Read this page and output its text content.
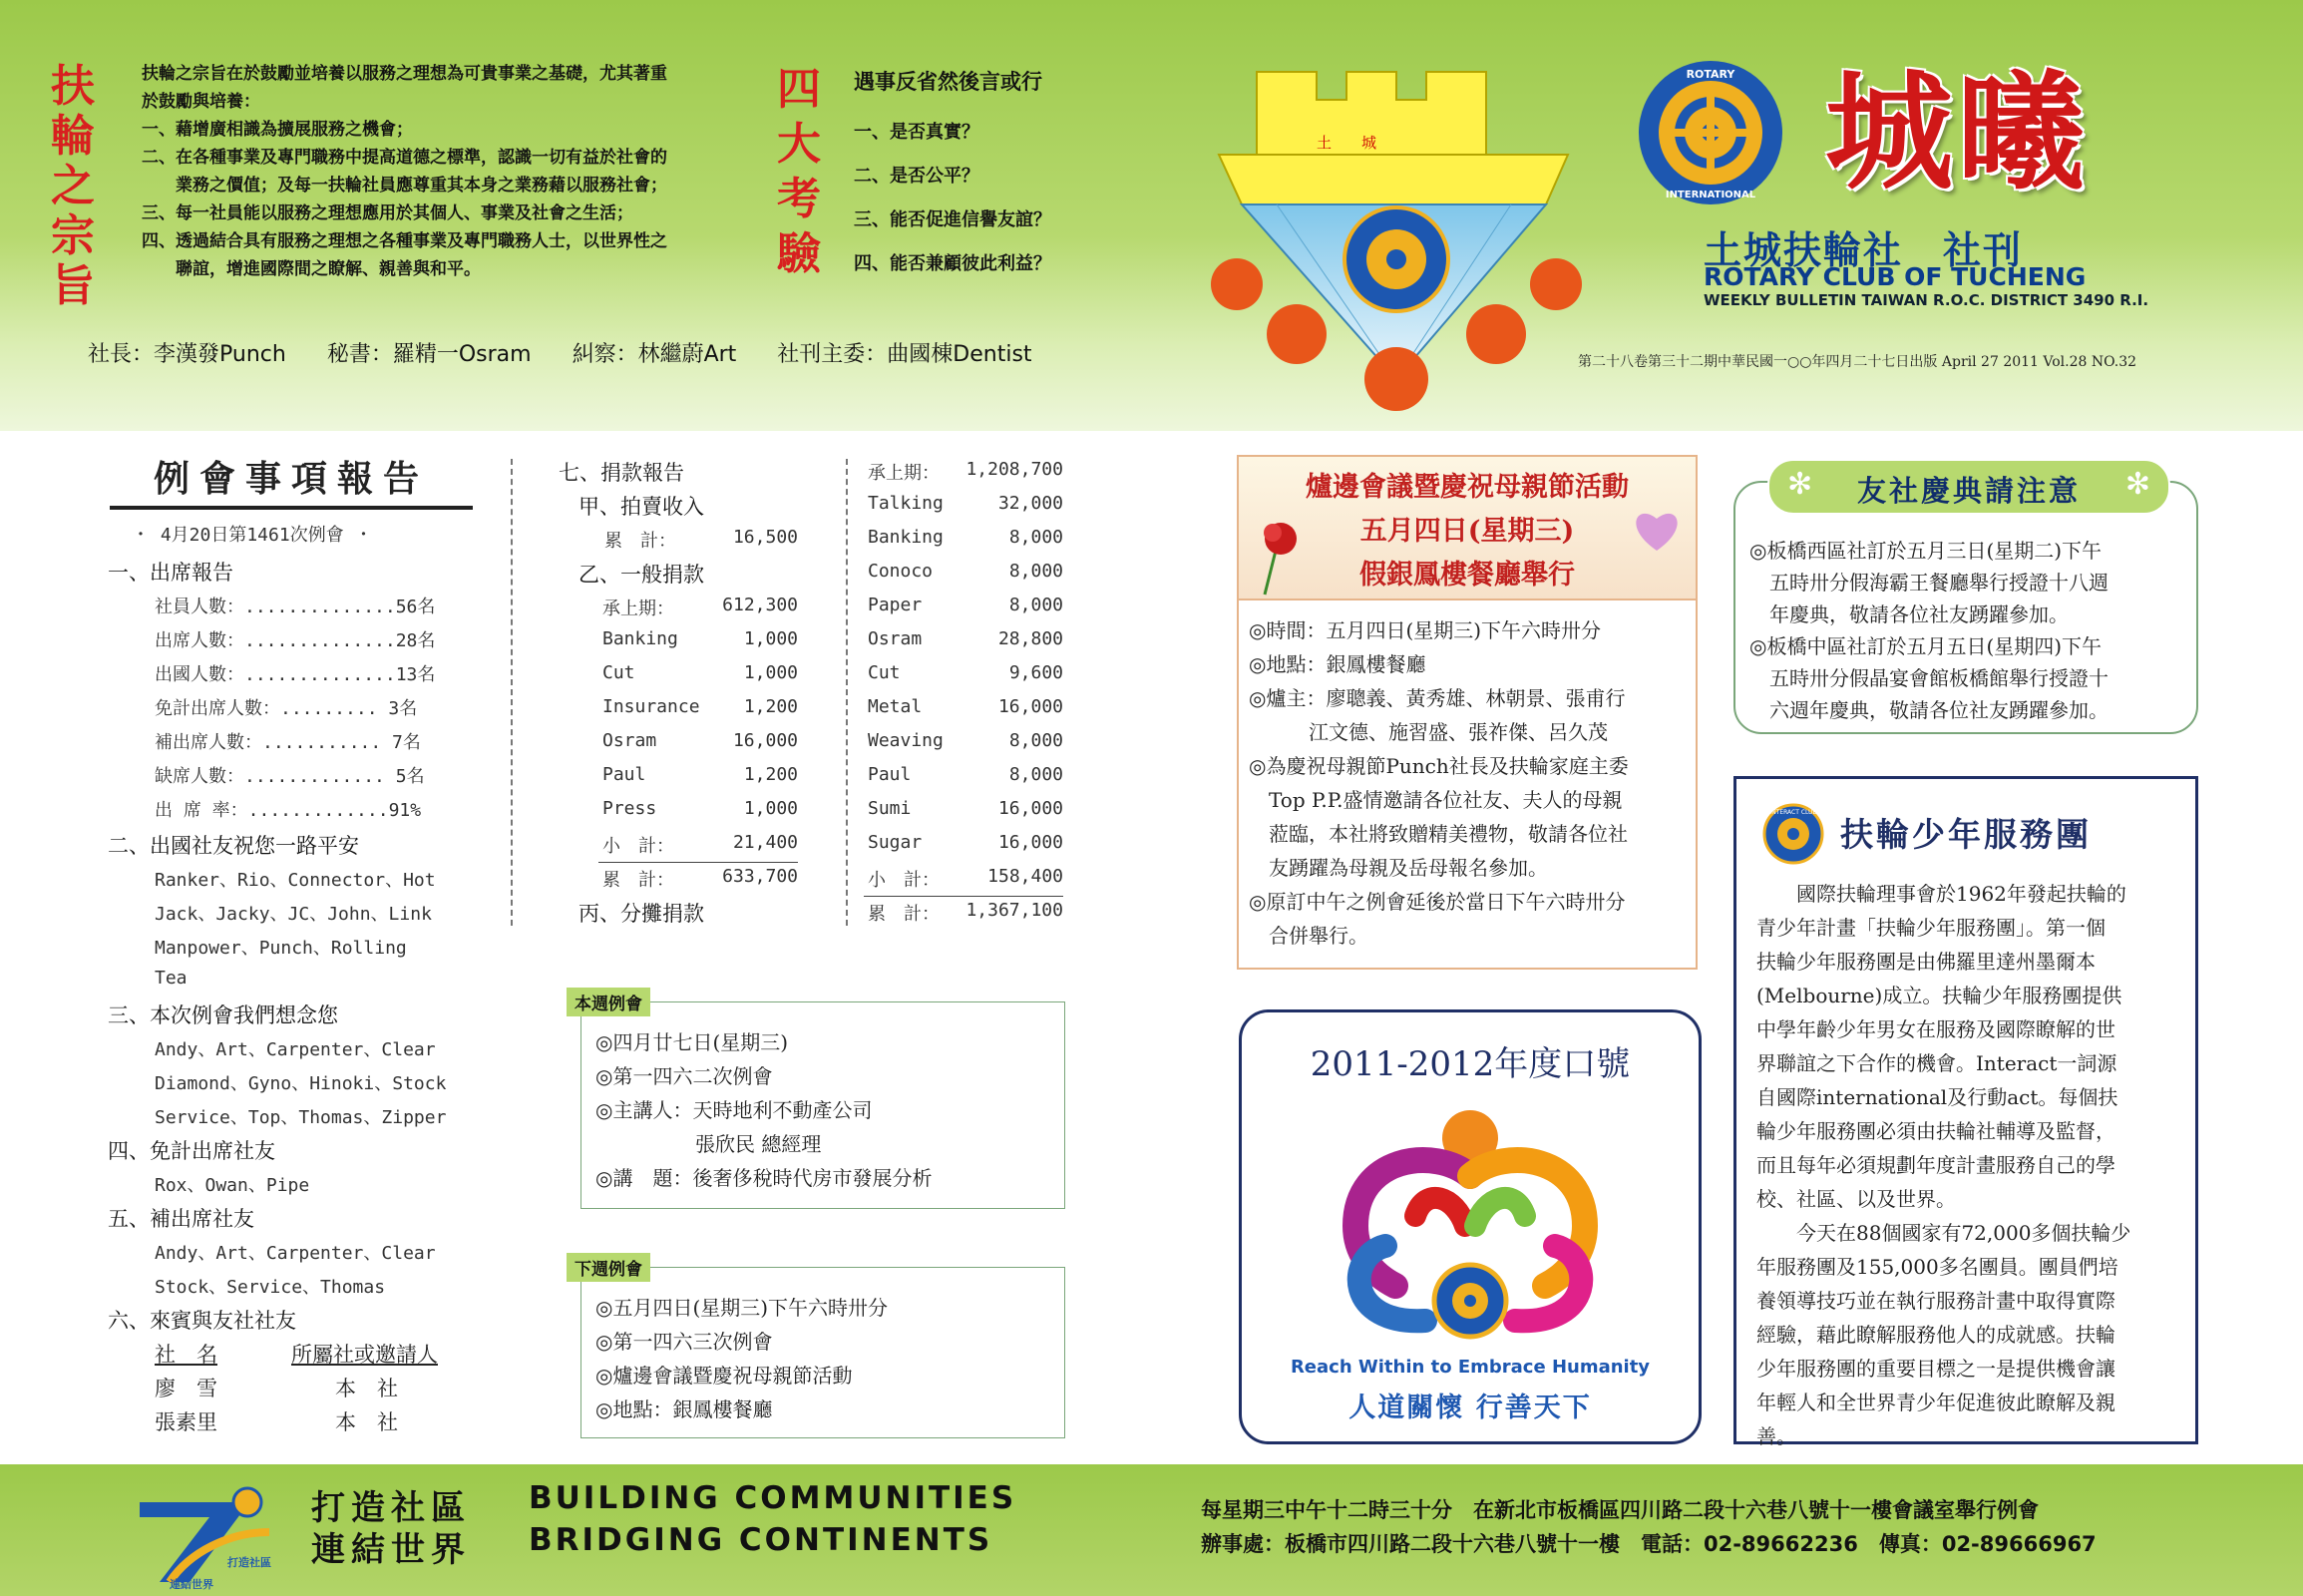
扶輪之宗旨
扶輪之宗旨在於鼓勵並培養以服務之理想為可貴事業之基礎，尤其著重
於鼓勵與培養：
一、藉增廣相識為擴展服務之機會；
二、在各種事業及專門職務中提高道德之標準，認識一切有益於社會的
　　業務之價值；及每一扶輪社員應尊重其本身之業務藉以服務社會；
三、每一社員能以服務之理想應用於其個人、事業及社會之生活；
四、透過結合具有服務之理想之各種事業及專門職務人士，以世界性之
　　聯誼，增進國際間之瞭解、親善與和平。
四大考驗
遇事反省然後言或行
一、是否真實？
二、是否公平？
三、能否促進信譽友誼？
四、能否兼顧彼此利益？
社長：李漢發Punch 秘書：羅精一Osram 糾察：林繼蔚Art 社刊主委：曲國棟Dentist
土　　城
ROTARY
INTERNATIONAL 城曦
土城扶輪社　社刊
ROTARY CLUB OF TUCHENG
WEEKLY BULLETIN TAIWAN R.O.C. DISTRICT 3490 R.I.
第二十八卷第三十二期中華民國一○○年四月二十七日出版 April 27 2011 Vol.28 NO.32
例會事項報告
・ 4月20日第1461次例會 ・
一、出席報告
社員人數：..............56名
出席人數：..............28名
出國人數：..............13名
免計出席人數：......... 3名
補出席人數：........... 7名
缺席人數：............. 5名
出 席 率：.............91%
二、出國社友祝您一路平安
Ranker、Rio、Connector、Hot
Jack、Jacky、JC、John、Link
Manpower、Punch、Rolling
Tea
三、本次例會我們想念您
Andy、Art、Carpenter、Clear
Diamond、Gyno、Hinoki、Stock
Service、Top、Thomas、Zipper
四、免計出席社友
Rox、Owan、Pipe
五、補出席社友
Andy、Art、Carpenter、Clear
Stock、Service、Thomas
六、來賓與友社社友
社　名	所屬社或邀請人
廖　雪	本　社
張素里	本　社
七、捐款報告
甲、拍賣收入
累　計：	16,500
乙、一般捐款
承上期：	612,300
Banking	1,000
Cut	1,000
Insurance	1,200
Osram	16,000
Paul	1,200
Press	1,000
小　計：	21,400
累　計：	633,700
丙、分攤捐款
承上期：	1,208,700
Talking	32,000
Banking	8,000
Conoco	8,000
Paper	8,000
Osram	28,800
Cut	9,600
Metal	16,000
Weaving	8,000
Paul	8,000
Sumi	16,000
Sugar	16,000
小　計：	158,400
累　計：	1,367,100
◎四月廿七日(星期三)
◎第一四六二次例會
◎主講人：天時地利不動產公司
　　　　　張欣民 總經理
◎講　題：後奢侈稅時代房市發展分析
本週例會
◎五月四日(星期三)下午六時卅分
◎第一四六三次例會
◎爐邊會議暨慶祝母親節活動
◎地點：銀鳳樓餐廳
下週例會
爐邊會議暨慶祝母親節活動
五月四日(星期三)
假銀鳳樓餐廳舉行
◎時間：五月四日(星期三)下午六時卅分
◎地點：銀鳳樓餐廳
◎爐主：廖聰義、黃秀雄、林朝景、張甫行
　　　江文德、施習盛、張祚傑、呂久茂
◎為慶祝母親節Punch社長及扶輪家庭主委
　Top P.P.盛情邀請各位社友、夫人的母親
　蒞臨，本社將致贈精美禮物，敬請各位社
　友踴躍為母親及岳母報名參加。
◎原訂中午之例會延後於當日下午六時卅分
　合併舉行。
2011-2012年度口號
Reach Within to Embrace Humanity
人道關懷 行善天下
◎板橋西區社訂於五月三日(星期二)下午
　五時卅分假海霸王餐廳舉行授證十八週
　年慶典，敬請各位社友踴躍參加。
◎板橋中區社訂於五月五日(星期四)下午
　五時卅分假晶宴會館板橋館舉行授證十
　六週年慶典，敬請各位社友踴躍參加。
✻	✻
友社慶典請注意
INTERACT CLUB
扶輪少年服務團
　　國際扶輪理事會於1962年發起扶輪的
青少年計畫「扶輪少年服務團」。第一個
扶輪少年服務團是由佛羅里達州墨爾本
(Melbourne)成立。扶輪少年服務團提供
中學年齡少年男女在服務及國際瞭解的世
界聯誼之下合作的機會。Interact一詞源
自國際international及行動act。每個扶
輪少年服務團必須由扶輪社輔導及監督，
而且每年必須規劃年度計畫服務自己的學
校、社區、以及世界。
　　今天在88個國家有72,000多個扶輪少
年服務團及155,000多名團員。團員們培
養領導技巧並在執行服務計畫中取得實際
經驗，藉此瞭解服務他人的成就感。扶輪
少年服務團的重要目標之一是提供機會讓
年輕人和全世界青少年促進彼此瞭解及親
善。
打造社區
連結世界
打造社區 BUILDING COMMUNITIES
連結世界 BRIDGING CONTINENTS
每星期三中午十二時三十分　在新北市板橋區四川路二段十六巷八號十一樓會議室舉行例會
辦事處：板橋市四川路二段十六巷八號十一樓　電話：02-89662236　傳真：02-89666967
